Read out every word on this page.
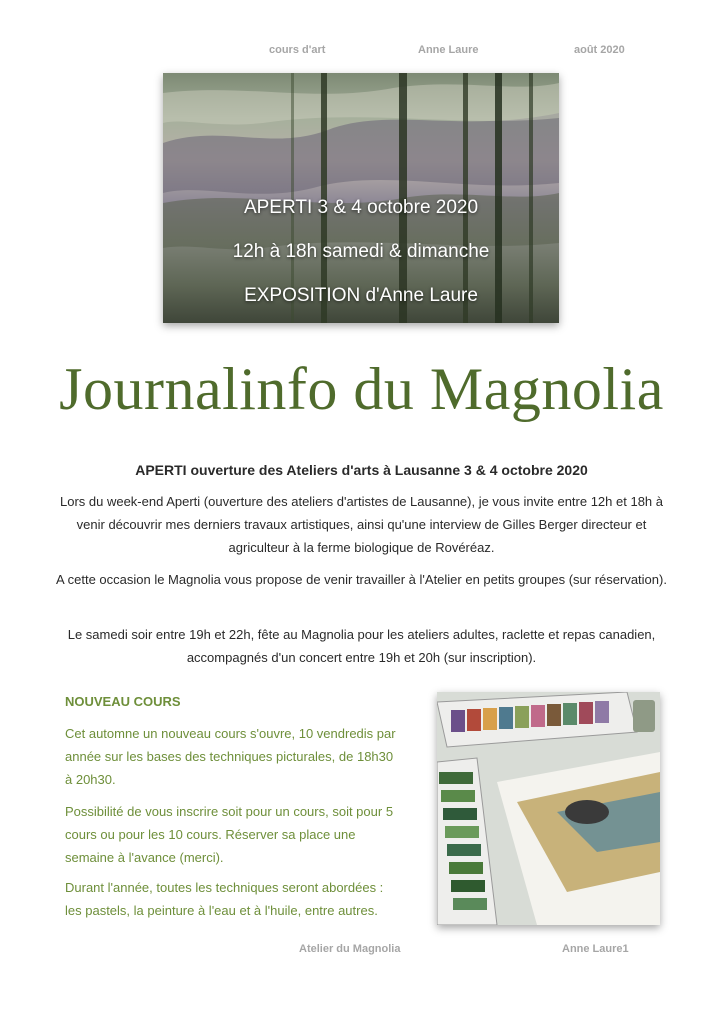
cours d'art	Anne Laure	août 2020
APERTI 3 & 4 octobre 2020
12h à 18h samedi & dimanche
EXPOSITION d'Anne Laure
Journalinfo du Magnolia
APERTI ouverture des Ateliers d'arts à Lausanne 3 & 4 octobre 2020

Lors du week-end Aperti (ouverture des ateliers d'artistes de Lausanne), je vous invite entre 12h et 18h à venir découvrir mes derniers travaux artistiques, ainsi qu'une interview de Gilles Berger directeur et agriculteur à la ferme biologique de Rovéréaz.

A cette occasion le Magnolia vous propose de venir travailler à l'Atelier en petits groupes (sur réservation).

Le samedi soir entre 19h et 22h, fête au Magnolia pour les ateliers adultes, raclette et repas canadien, accompagnés d'un concert entre 19h et 20h (sur inscription).

NOUVEAU COURS

Cet automne un nouveau cours s'ouvre, 10 vendredis par année sur les bases des techniques picturales, de 18h30 à 20h30.

Possibilité de vous inscrire soit pour un cours, soit pour 5 cours ou pour les 10 cours. Réserver sa place une semaine à l'avance (merci).

Durant l'année, toutes les techniques seront abordées : les pastels, la peinture à l'eau et à l'huile, entre autres.

Atelier du Magnolia	Anne Laure1
